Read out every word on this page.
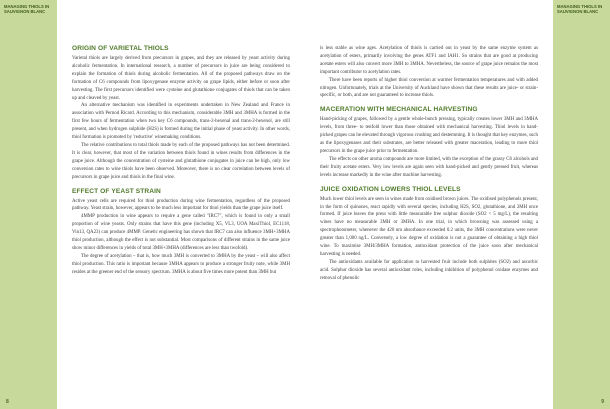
MANAGING THIOLS IN SAUVIGNON BLANC
8
MANAGING THIOLS IN SAUVIGNON BLANC
9
ORIGIN OF VARIETAL THIOLS

Varietal thiols are largely derived from precursors in grapes, and they are released by yeast activity during alcoholic fermentation. In international research, a number of precursors in juice are being considered to explain the formation of thiols during alcoholic fermentation. All of the proposed pathways draw on the formation of C6 compounds from lipoxygenase enzyme activity on grape lipids, either before or soon after harvesting. The first precursors identified were cysteine and glutathione conjugates of thiols that can be taken up and cleaved by yeast.

An alternative mechanism was identified in experiments undertaken in New Zealand and France in association with Pernod Ricard. According to this mechanism, considerable 3MH and 3MHA is formed in the first few hours of fermentation when two key C6 compounds, trans-2-hexenal and trans-2-hexenol, are still present, and when hydrogen sulphide (H2S) is formed during the initial phase of yeast activity. In other words, thiol formation is promoted by 'reductive' winemaking conditions.

The relative contributions to total thiols made by each of the proposed pathways has not been determined. It is clear, however, that most of the variation between thiols found in wines results from differences in the grape juice. Although the concentration of cysteine and glutathione conjugates in juice can be high, only low conversion rates to wine thiols have been observed. Moreover, there is no clear correlation between levels of precursors in grape juice and thiols in the final wine.

EFFECT OF YEAST STRAIN

Active yeast cells are required for thiol production during wine fermentation, regardless of the proposed pathway. Yeast strain, however, appears to be much less important for thiol yields than the grape juice itself.

4MMP production in wine appears to require a gene called "IRC7", which is found in only a small proportion of wine yeasts. Only strains that have this gene (including X5, VL3, UOA MaxiThiol, EC1118, Vin13, QA23) can produce 4MMP. Genetic engineering has shown that IRC7 can also influence 3MH+3MHA thiol production, although the effect is not substantial. Most comparisons of different strains in the same juice show minor differences in yields of total 3MH+3MHA (differences are less than twofold).

The degree of acetylation – that is, how much 3MH is converted to 3MHA by the yeast – will also affect thiol production. This ratio is important because 3MHA appears to produce a stronger fruity note, while 3MH resides at the greener end of the sensory spectrum. 3MHA is about five times more potent than 3MH but

is less stable as wine ages. Acetylation of thiols is carried out in yeast by the same enzyme system as acetylation of esters, primarily involving the genes ATF1 and IAH1. So strains that are good at producing acetate esters will also convert more 3MH to 3MHA. Nevertheless, the source of grape juice remains the most important contributor to acetylation rates.

There have been reports of higher thiol conversion at warmer fermentation temperatures and with added nitrogen. Unfortunately, trials at the University of Auckland have shown that these results are juice- or strain-specific, or both, and are not guaranteed to increase thiols.

MACERATION WITH MECHANICAL HARVESTING

Hand-picking of grapes, followed by a gentle whole-bunch pressing, typically creates lower 3MH and 3MHA levels, from three- to tenfold lower than those obtained with mechanical harvesting. Thiol levels in hand-picked grapes can be elevated through vigorous crushing and destemming. It is thought that key enzymes, such as the lipoxygenases and their substrates, are better released with greater maceration, leading to more thiol precursors in the grape juice prior to fermentation.

The effects on other aroma compounds are more limited, with the exception of the grassy C6 alcohols and their fruity acetate esters. Very low levels are again seen with hand-picked and gently pressed fruit, whereas levels increase markedly in the wine after machine harvesting.

JUICE OXIDATION LOWERS THIOL LEVELS

Much lower thiol levels are seen in wines made from oxidised brown juices. The oxidised polyphenols present, in the form of quinones, react rapidly with several species, including H2S, SO2, glutathione, and 3MH once formed. If juice leaves the press with little measurable free sulphur dioxide (SO2 < 5 mg/L), the resulting wines have no measurable 3MH or 3MHA. In one trial, in which browning was assessed using a spectrophotometer, whenever the 420 nm absorbance exceeded 0.2 units, the 3MH concentrations were never greater than 1,000 ng/L. Conversely, a low degree of oxidation is not a guarantee of obtaining a high thiol wine. To maximise 3MH/3MHA formation, antioxidant protection of the juice soon after mechanical harvesting is needed.

The antioxidants available for application to harvested fruit include both sulphites (SO2) and ascorbic acid. Sulphur dioxide has several antioxidant roles, including inhibition of polyphenol oxidase enzymes and removal of phenolic
